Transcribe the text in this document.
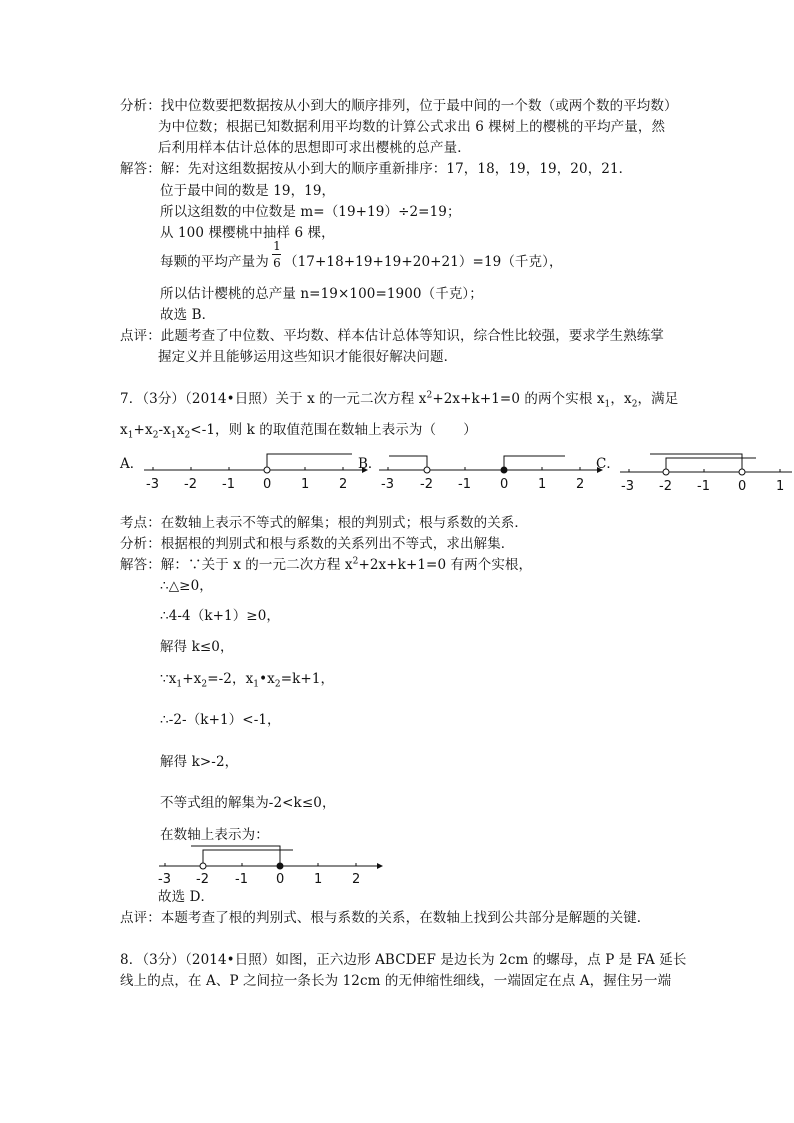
分析：找中位数要把数据按从小到大的顺序排列，位于最中间的一个数（或两个数的平均数）
为中位数；根据已知数据利用平均数的计算公式求出 6 棵树上的樱桃的平均产量，然
后利用样本估计总体的思想即可求出樱桃的总产量．
解答：解：先对这组数据按从小到大的顺序重新排序：17，18，19，19，20，21．
位于最中间的数是 19，19，
所以这组数的中位数是 m=（19+19）÷2=19；
从 100 棵樱桃中抽样 6 棵，
每颗的平均产量为
1
6 （17+18+19+19+20+21）=19（千克），
所以估计樱桃的总产量 n=19×100=1900（千克）；
故选 B．
点评：此题考查了中位数、平均数、样本估计总体等知识，综合性比较强，要求学生熟练掌
握定义并且能够运用这些知识才能很好解决问题．
7．（3分）（2014•日照）关于 x 的一元二次方程 $x^2+2x+k+1=0$ 的两个实根 $x_1$，$x_2$，满足
$x_1+x_2-x_1x_2<-1$，则 k 的取值范围在数轴上表示为（　　）
A．
-3 -2 -1 0 1 2
B．
-3 -2 -1 0 1 2
C．
-3 -2 -1 0 1
考点：在数轴上表示不等式的解集；根的判别式；根与系数的关系．
分析：根据根的判别式和根与系数的关系列出不等式，求出解集．
解答：解：∵关于 x 的一元二次方程 $x^2+2x+k+1=0$ 有两个实根，
∴△≥0，
∴4-4（k+1）≥0，
解得 k≤0，
$\because x_1+x_2=-2$，$x_1•x_2=k+1$，
∴-2-（k+1）<-1，
解得 k>-2，
不等式组的解集为-2<k≤0，
在数轴上表示为：
-3 -2 -1 0 1 2
故选 D．
点评：本题考查了根的判别式、根与系数的关系，在数轴上找到公共部分是解题的关键．
8．（3分）（2014•日照）如图，正六边形 ABCDEF 是边长为 2cm 的螺母，点 P 是 FA 延长
线上的点，在 A、P 之间拉一条长为 12cm 的无伸缩性细线，一端固定在点 A，握住另一端
